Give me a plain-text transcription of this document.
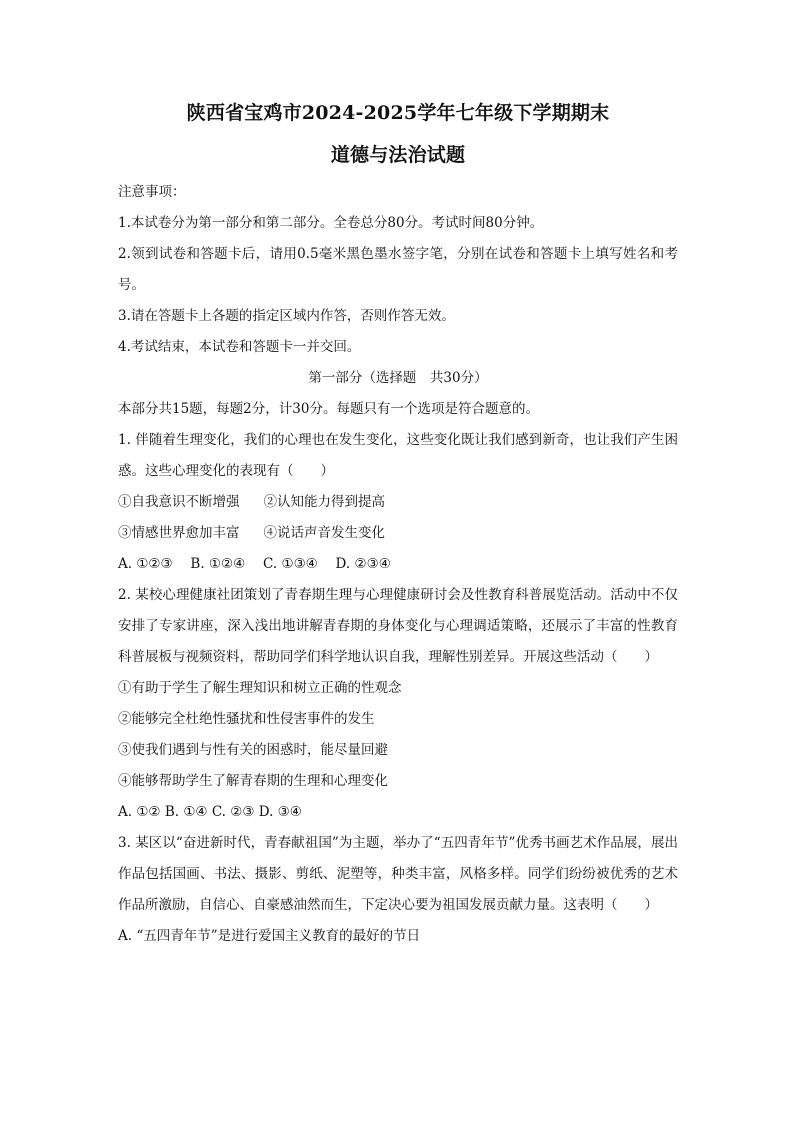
陕西省宝鸡市2024-2025学年七年级下学期期末

道德与法治试题

注意事项：

1.本试卷分为第一部分和第二部分。全卷总分80分。考试时间80分钟。

2.领到试卷和答题卡后，请用0.5毫米黑色墨水签字笔，分别在试卷和答题卡上填写姓名和考号。

3.请在答题卡上各题的指定区域内作答，否则作答无效。

4.考试结束，本试卷和答题卡一并交回。

第一部分（选择题　共30分）

本部分共15题，每题2分，计30分。每题只有一个选项是符合题意的。

1. 伴随着生理变化，我们的心理也在发生变化，这些变化既让我们感到新奇，也让我们产生困惑。这些心理变化的表现有（　　）

①自我意识不断增强 ②认知能力得到提高

③情感世界愈加丰富 ④说话声音发生变化

A. ①②③　 B. ①②④　 C. ①③④　 D. ②③④

2. 某校心理健康社团策划了青春期生理与心理健康研讨会及性教育科普展览活动。活动中不仅安排了专家讲座，深入浅出地讲解青春期的身体变化与心理调适策略，还展示了丰富的性教育科普展板与视频资料，帮助同学们科学地认识自我，理解性别差异。开展这些活动（　　）

①有助于学生了解生理知识和树立正确的性观念

②能够完全杜绝性骚扰和性侵害事件的发生

③使我们遇到与性有关的困惑时，能尽量回避

④能够帮助学生了解青春期的生理和心理变化

A. ①② B. ①④ C. ②③ D. ③④

3. 某区以“奋进新时代，青春献祖国”为主题，举办了“五四青年节”优秀书画艺术作品展，展出作品包括国画、书法、摄影、剪纸、泥塑等，种类丰富，风格多样。同学们纷纷被优秀的艺术作品所激励，自信心、自豪感油然而生，下定决心要为祖国发展贡献力量。这表明（　　）

A. “五四青年节”是进行爱国主义教育的最好的节日
